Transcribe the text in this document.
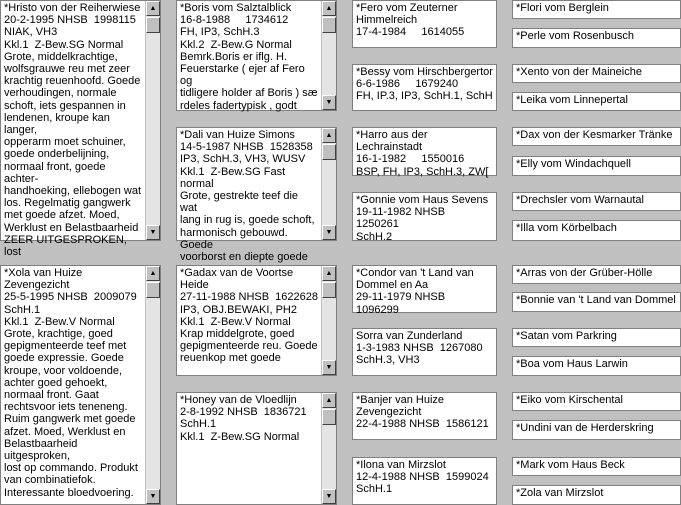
*Hristo von der Reiherwiese
20-2-1995 NHSB  1998115
NIAK, VH3
Kkl.1  Z-Bew.SG Normal
Grote, middelkrachtige,
wolfsgrauwe reu met zeer
krachtig reuenhoofd. Goede
verhoudingen, normale
schoft, iets gespannen in
lendenen, kroupe kan langer,
opperarm moet schuiner,
goede onderbelijning,
normaal front, goede achter-
handhoeking, ellebogen wat
los. Regelmatig gangwerk
met goede afzet. Moed,
Werklust en Belastbaarheid
ZEER UITGESPROKEN, lost
▲
▼
*Xola van Huize
Zevengezicht
25-5-1995 NHSB  2009079
SchH.1
Kkl.1  Z-Bew.V Normal
Grote, krachtige, goed
gepigmenteerde teef met
goede expressie. Goede
kroupe, voor voldoende,
achter goed gehoekt,
normaal front. Gaat
rechtsvoor iets teneneng.
Ruim gangwerk met goede
afzet. Moed, Werklust en
Belastbaarheid uitgesproken,
lost op commando. Produkt
van combinatiefok.
Interessante bloedvoering.
▲
▼
*Boris vom Salztalblick
16-8-1988     1734612
FH, IP3, SchH.3
Kkl.2  Z-Bew.G Normal
Bemrk.Boris er iflg. H.
Feuerstarke ( ejer af Fero og
tidligere holder af Boris ) sæ
rdeles fadertypisk , godt
▲
▼
*Dali van Huize Simons
14-5-1987 NHSB  1528358
IP3, SchH.3, VH3, WUSV
Kkl.1  Z-Bew.SG Fast normal
Grote, gestrekte teef die wat
lang in rug is, goede schoft,
harmonisch gebouwd. Goede
voorborst en diepte goede
▲
▼
*Gadax van de Voortse
Heide
27-11-1988 NHSB  1622628
IP3, OBJ.BEWAKI, PH2
Kkl.1  Z-Bew.V Normal
Krap middelgrote, goed
gepigmenteerde reu. Goede
reuenkop met goede
▲
▼
*Honey van de Vloedlijn
2-8-1992 NHSB  1836721
SchH.1
Kkl.1  Z-Bew.SG Normal
▲
▼
*Fero vom Zeuterner
Himmelreich
17-4-1984     1614055
*Bessy vom Hirschbergertor
6-6-1986     1679240
FH, IP.3, IP3, SchH.1, SchH
*Harro aus der Lechrainstadt
16-1-1982     1550016
BSP, FH, IP3, SchH.3, ZW[
*Gonnie vom Haus Sevens
19-11-1982 NHSB  1250261
SchH.2
*Condor van 't Land van
Dommel en Aa
29-11-1979 NHSB  1096299
Sorra van Zunderland
1-3-1983 NHSB  1267080
SchH.3, VH3
*Banjer van Huize
Zevengezicht
22-4-1988 NHSB  1586121
*Ilona van Mirzslot
12-4-1988 NHSB  1599024
SchH.1
*Flori vom Berglein
*Perle vom Rosenbusch
*Xento von der Maineiche
*Leika vom Linnepertal
*Dax von der Kesmarker Tränke
*Elly vom Windachquell
*Drechsler vom Warnautal
*Illa vom Körbelbach
*Arras von der Grüber-Hölle
*Bonnie van 't Land van Dommel
*Satan vom Parkring
*Boa vom Haus Larwin
*Eiko vom Kirschental
*Undini van de Herderskring
*Mark vom Haus Beck
*Zola van Mirzslot
